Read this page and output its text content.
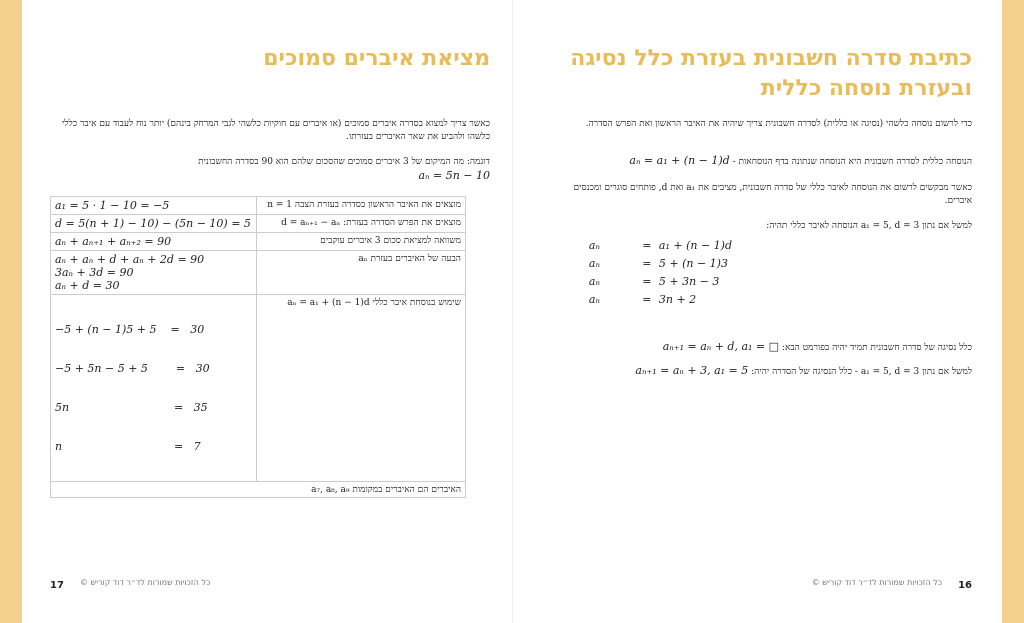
מציאת איברים סמוכים
כאשר צריך למצוא בסדרה איברים סמוכים (או איברים עם חוקיות כלשהי לגבי המרחק בינהם) יותר נוח לעבוד עם איבר כללי כלשהו ולהביע את שאר האיברים בעזרתו.
דוגמה: מה המיקום של 3 איברים סמוכים שהסכום שלהם הוא 90 בסדרה החשבונית
aₙ = 5n − 10
מוצאים את האיבר הראשון בסדרה בעזרת הצבה n = 1	a₁ = 5 · 1 − 10 = −5
מוצאים את הפרש הסדרה בעזרת: d = aₙ₊₁ − aₙ	d = 5(n + 1) − 10) − (5n − 10) = 5
משוואה למציאת סכום 3 איברים עוקבים	aₙ + aₙ₊₁ + aₙ₊₂ = 90
הבעה של האיברים בעזרת aₙ	aₙ + aₙ + d + aₙ + 2d = 90
3aₙ + 3d = 90
aₙ + d = 30

שימוש בנוסחת איבר כללי aₙ = a₁ + (n − 1)d	−5 + (n − 1)5 + 5    =   30

−5 + 5n − 5 + 5        =   30

5n                              =   35

n                                =   7

האיברים הם האיברים במקומות a₇, a₈, a₉	
כל הזכויות שמורות לד״ר דוד קוריש ©
17
כתיבת סדרה חשבונית בעזרת כלל נסיגה
ובעזרת נוסחה כללית
כדי לרשום נוסחה כלשהי (נסיגה או כללית) לסדרה חשבונית צריך שיהיה את האיבר הראשון ואת הפרש הסדרה.
הנוסחה כללית לסדרה חשבונית היא הנוסחה שנתונה בדף הנוסחאות - aₙ = a₁ + (n − 1)d
כאשר מבקשים לרשום את הנוסחה לאיבר כללי של סדרה חשבונית, מציבים את a₁ ואת d, פותחים סוגרים ומכנסים איברים.
למשל אם נתון a₁ = 5, d = 3 הנוסחה לאיבר כללי תהיה:
aₙ	= a₁ + (n − 1)d
aₙ	= 5 + (n − 1)3
aₙ	= 5 + 3n − 3
aₙ	= 3n + 2
כלל נסיגה של סדרה חשבונית תמיד יהיה בפורמט הבא: aₙ₊₁ = aₙ + d, a₁ = □
למשל אם נתון a₁ = 5, d = 3 - כלל הנסיגה של הסדרה יהיה: aₙ₊₁ = aₙ + 3, a₁ = 5
כל הזכויות שמורות לד״ר דוד קוריש © 16
